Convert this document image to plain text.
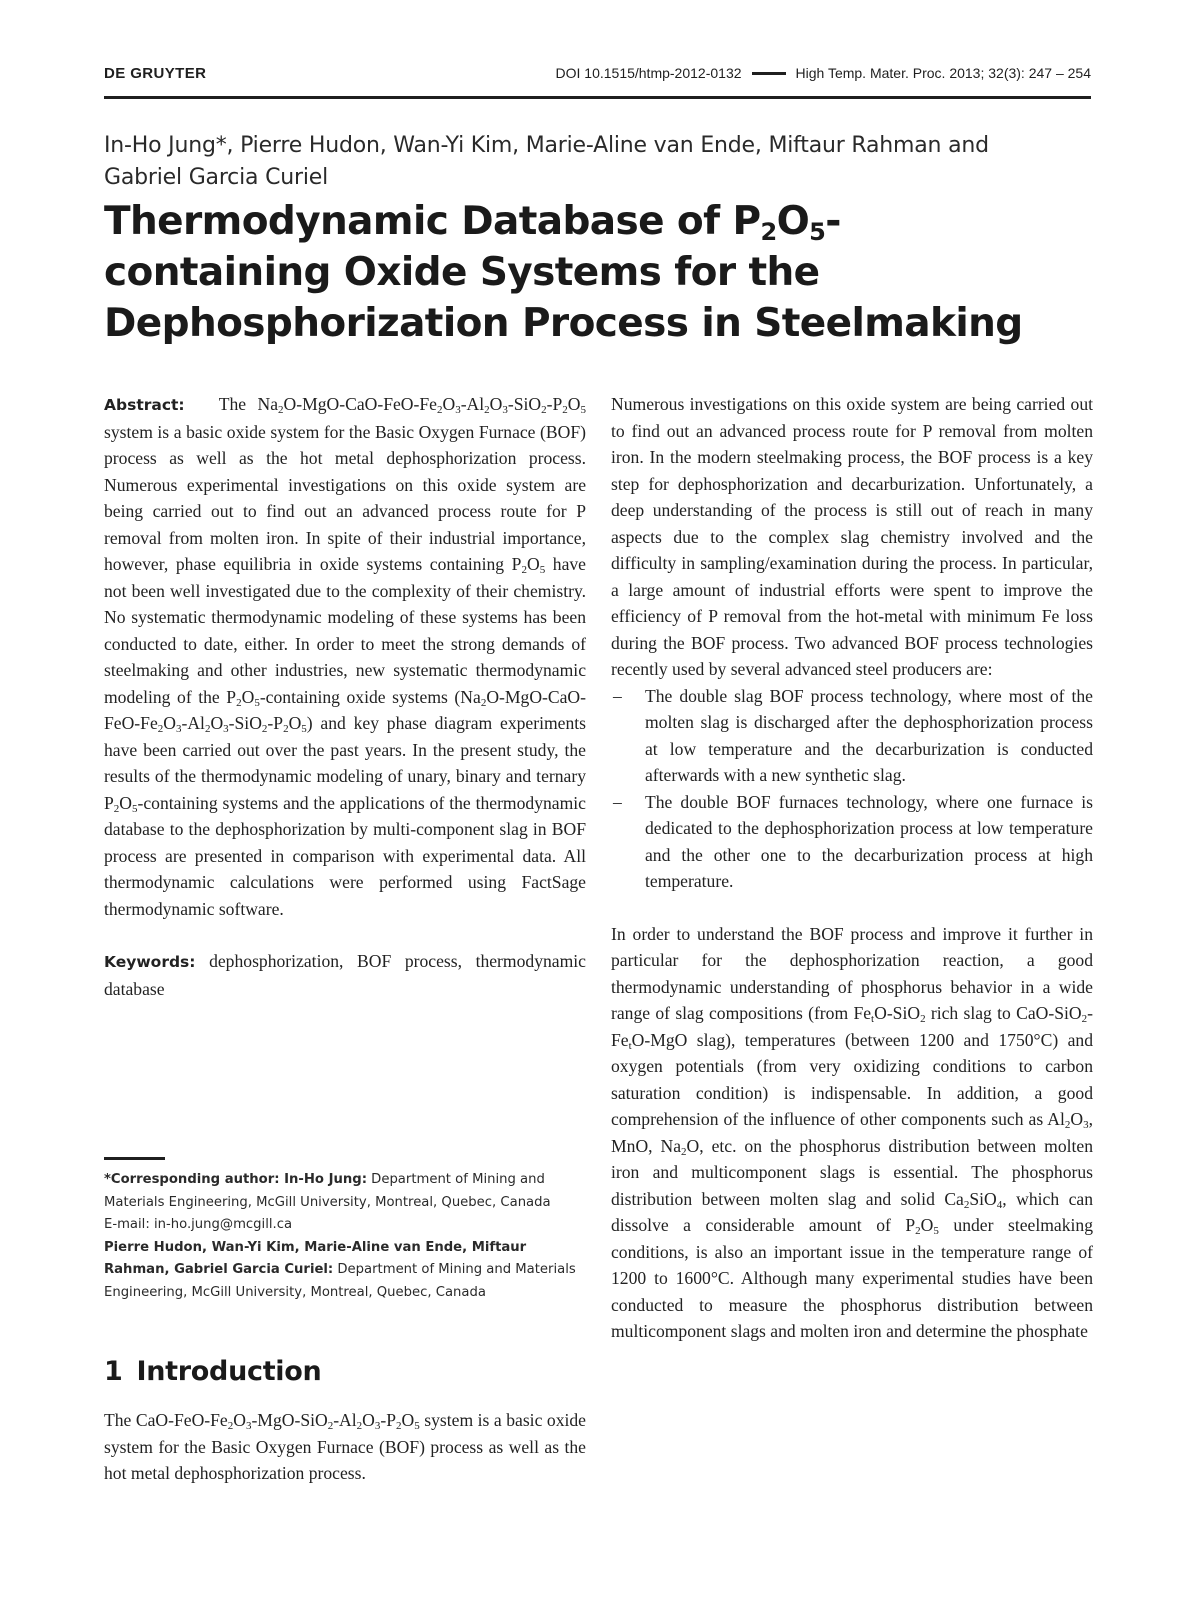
DE GRUYTER	DOI 10.1515/htmp-2012-0132	High Temp. Mater. Proc. 2013; 32(3): 247 – 254
In-Ho Jung*, Pierre Hudon, Wan-Yi Kim, Marie-Aline van Ende, Miftaur Rahman and
Gabriel Garcia Curiel
Thermodynamic Database of $P_2O_5$-containing Oxide Systems for the Dephosphorization Process in Steelmaking

Abstract: The $Na_2O-MgO-CaO-FeO-Fe_2O_3-Al_2O_3-SiO_2-P_2O_5$ system is a basic oxide system for the Basic Oxygen Furnace (BOF) process as well as the hot metal dephosphorization process. Numerous experimental investigations on this oxide system are being carried out to find out an advanced process route for P removal from molten iron. In spite of their industrial importance, however, phase equilibria in oxide systems containing $P_2O_5$ have not been well investigated due to the complexity of their chemistry. No systematic thermodynamic modeling of these systems has been conducted to date, either. In order to meet the strong demands of steelmaking and other industries, new systematic thermodynamic modeling of the $P_2O_5$-containing oxide systems $(Na_2O-MgO-CaO-FeO-Fe_2O_3-Al_2O_3-SiO_2-P_2O_5)$ and key phase diagram experiments have been carried out over the past years. In the present study, the results of the thermodynamic modeling of unary, binary and ternary $P_2O_5$-containing systems and the applications of the thermodynamic database to the dephosphorization by multi-component slag in BOF process are presented in comparison with experimental data. All thermodynamic calculations were performed using FactSage thermodynamic software.

Keywords: dephosphorization, BOF process, thermodynamic database

*Corresponding author: In-Ho Jung: Department of Mining and Materials Engineering, McGill University, Montreal, Quebec, Canada
E-mail: in-ho.jung@mcgill.ca
Pierre Hudon, Wan-Yi Kim, Marie-Aline van Ende, Miftaur Rahman, Gabriel Garcia Curiel: Department of Mining and Materials Engineering, McGill University, Montreal, Quebec, Canada
1 Introduction

The CaO-$FeO-Fe_2O_3-MgO-SiO_2-Al_2O_3-P_2O_5$ system is a basic oxide system for the Basic Oxygen Furnace (BOF) process as well as the hot metal dephosphorization process.

Numerous investigations on this oxide system are being carried out to find out an advanced process route for P removal from molten iron. In the modern steelmaking process, the BOF process is a key step for dephosphorization and decarburization. Unfortunately, a deep understanding of the process is still out of reach in many aspects due to the complex slag chemistry involved and the difficulty in sampling/examination during the process. In particular, a large amount of industrial efforts were spent to improve the efficiency of P removal from the hot-metal with minimum Fe loss during the BOF process. Two advanced BOF process technologies recently used by several advanced steel producers are:

– The double slag BOF process technology, where most of the molten slag is discharged after the dephosphorization process at low temperature and the decarburization is conducted afterwards with a new synthetic slag.
– The double BOF furnaces technology, where one furnace is dedicated to the dephosphorization process at low temperature and the other one to the decarburization process at high temperature.

In order to understand the BOF process and improve it further in particular for the dephosphorization reaction, a good thermodynamic understanding of phosphorus behavior in a wide range of slag compositions (from $Fe_tO-SiO_2$ rich slag to CaO-$SiO_2-Fe_tO$-MgO slag), temperatures (between 1200 and 1750°C) and oxygen potentials (from very oxidizing conditions to carbon saturation condition) is indispensable. In addition, a good comprehension of the influence of other components such as $Al_2O_3$, MnO, $Na_2O$, etc. on the phosphorus distribution between molten iron and multicomponent slags is essential. The phosphorus distribution between molten slag and solid $Ca_2SiO_4$, which can dissolve a considerable amount of $P_2O_5$ under steelmaking conditions, is also an important issue in the temperature range of 1200 to 1600°C. Although many experimental studies have been conducted to measure the phosphorus distribution between multicomponent slags and molten iron and determine the phosphate
